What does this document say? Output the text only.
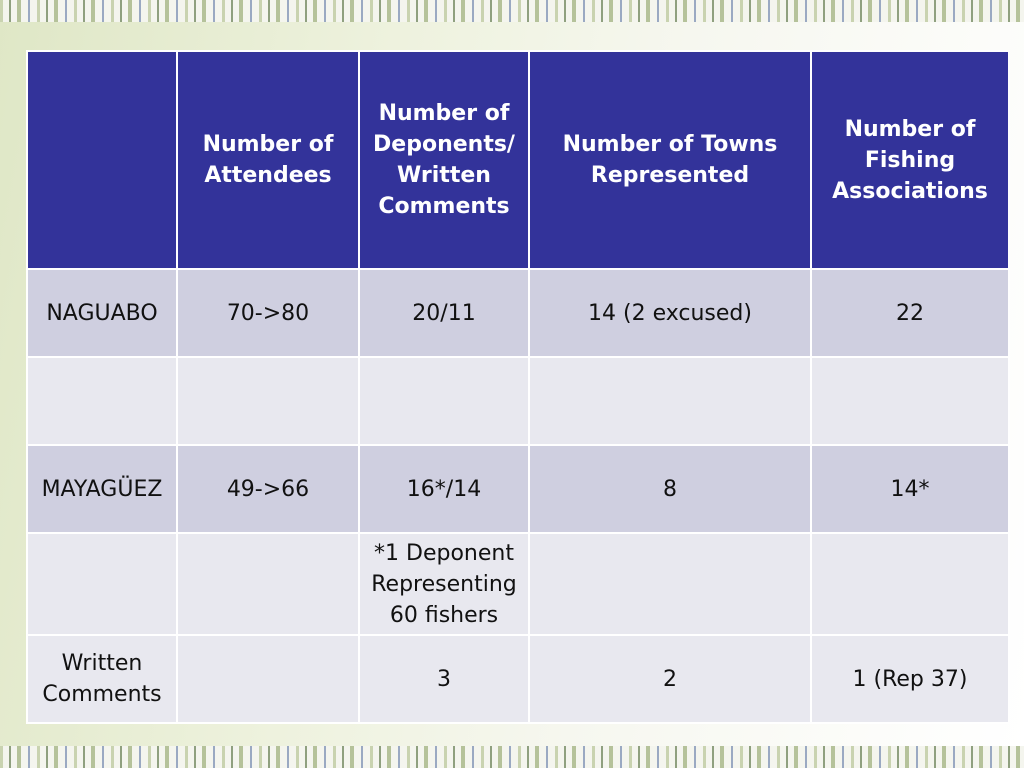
	Number of Attendees	Number of Deponents/ Written Comments	Number of Towns Represented	Number of Fishing Associations
NAGUABO	70->80	20/11	14 (2 excused)	22

MAYAGÜEZ	49->66	16*/14	8	14*
		*1 Deponent Representing 60 fishers		
Written Comments		3	2	1 (Rep 37)
